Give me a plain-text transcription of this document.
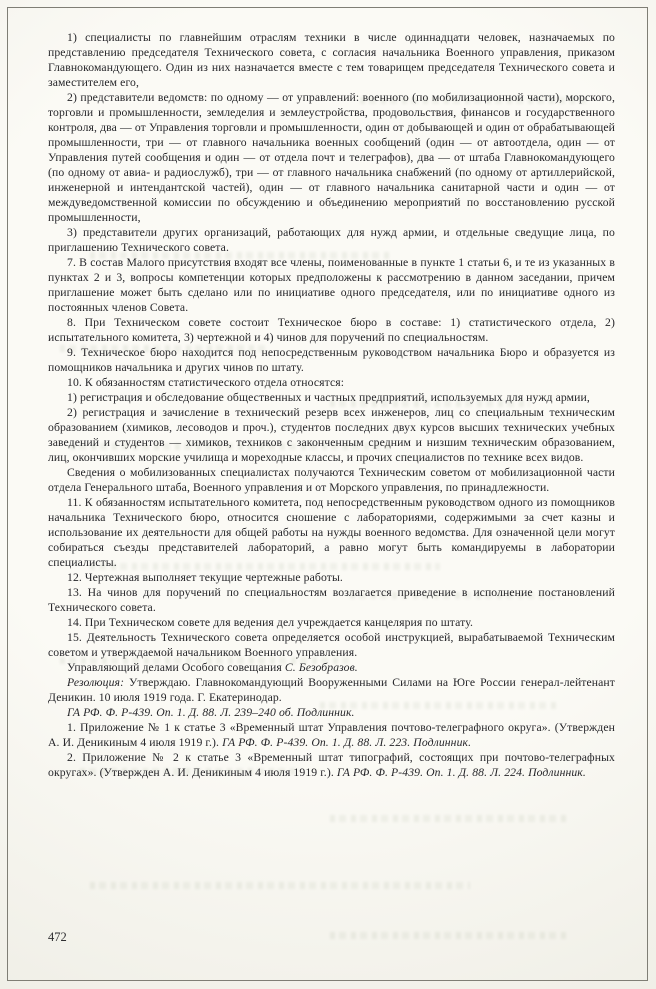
1) специалисты по главнейшим отраслям техники в числе одиннадцати человек, назначаемых по представлению председателя Технического совета, с согласия начальника Военного управления, приказом Главнокомандующего. Один из них назначается вместе с тем товарищем председателя Технического совета и заместителем его,

2) представители ведомств: по одному — от управлений: военного (по мобилизационной части), морского, торговли и промышленности, земледелия и землеустройства, продовольствия, финансов и государственного контроля, два — от Управления торговли и промышленности, один от добывающей и один от обрабатывающей промышленности, три — от главного начальника военных сообщений (один — от автоотдела, один — от Управления путей сообщения и один — от отдела почт и телеграфов), два — от штаба Главнокомандующего (по одному от авиа- и радиослужб), три — от главного начальника снабжений (по одному от артиллерийской, инженерной и интендантской частей), один — от главного начальника санитарной части и один — от междуведомственной комиссии по обсуждению и объединению мероприятий по восстановлению русской промышленности,

3) представители других организаций, работающих для нужд армии, и отдельные сведущие лица, по приглашению Технического совета.

7. В состав Малого присутствия входят все члены, поименованные в пункте 1 статьи 6, и те из указанных в пунктах 2 и 3, вопросы компетенции которых предположены к рассмотрению в данном заседании, причем приглашение может быть сделано или по инициативе одного председателя, или по инициативе одного из постоянных членов Совета.

8. При Техническом совете состоит Техническое бюро в составе: 1) статистического отдела, 2) испытательного комитета, 3) чертежной и 4) чинов для поручений по специальностям.

9. Техническое бюро находится под непосредственным руководством начальника Бюро и образуется из помощников начальника и других чинов по штату.

10. К обязанностям статистического отдела относятся:

1) регистрация и обследование общественных и частных предприятий, используемых для нужд армии,

2) регистрация и зачисление в технический резерв всех инженеров, лиц со специальным техническим образованием (химиков, лесоводов и проч.), студентов последних двух курсов высших технических учебных заведений и студентов — химиков, техников с законченным средним и низшим техническим образованием, лиц, окончивших морские училища и мореходные классы, и прочих специалистов по технике всех видов.

Сведения о мобилизованных специалистах получаются Техническим советом от мобилизационной части отдела Генерального штаба, Военного управления и от Морского управления, по принадлежности.

11. К обязанностям испытательного комитета, под непосредственным руководством одного из помощников начальника Технического бюро, относится сношение с лабораториями, содержимыми за счет казны и использование их деятельности для общей работы на нужды военного ведомства. Для означенной цели могут собираться съезды представителей лабораторий, а равно могут быть командируемы в лаборатории специалисты.

12. Чертежная выполняет текущие чертежные работы.

13. На чинов для поручений по специальностям возлагается приведение в исполнение постановлений Технического совета.

14. При Техническом совете для ведения дел учреждается канцелярия по штату.

15. Деятельность Технического совета определяется особой инструкцией, вырабатываемой Техническим советом и утверждаемой начальником Военного управления.

Управляющий делами Особого совещания С. Безобразов.

Резолюция: Утверждаю. Главнокомандующий Вооруженными Силами на Юге России генерал-лейтенант Деникин. 10 июля 1919 года. Г. Екатеринодар.

ГА РФ. Ф. Р-439. Оп. 1. Д. 88. Л. 239–240 об. Подлинник.

1. Приложение № 1 к статье 3 «Временный штат Управления почтово-телеграфного округа». (Утвержден А. И. Деникиным 4 июля 1919 г.). ГА РФ. Ф. Р-439. Оп. 1. Д. 88. Л. 223. Подлинник.

2. Приложение № 2 к статье 3 «Временный штат типографий, состоящих при почтово-телеграфных округах». (Утвержден А. И. Деникиным 4 июля 1919 г.). ГА РФ. Ф. Р-439. Оп. 1. Д. 88. Л. 224. Подлинник.

472
